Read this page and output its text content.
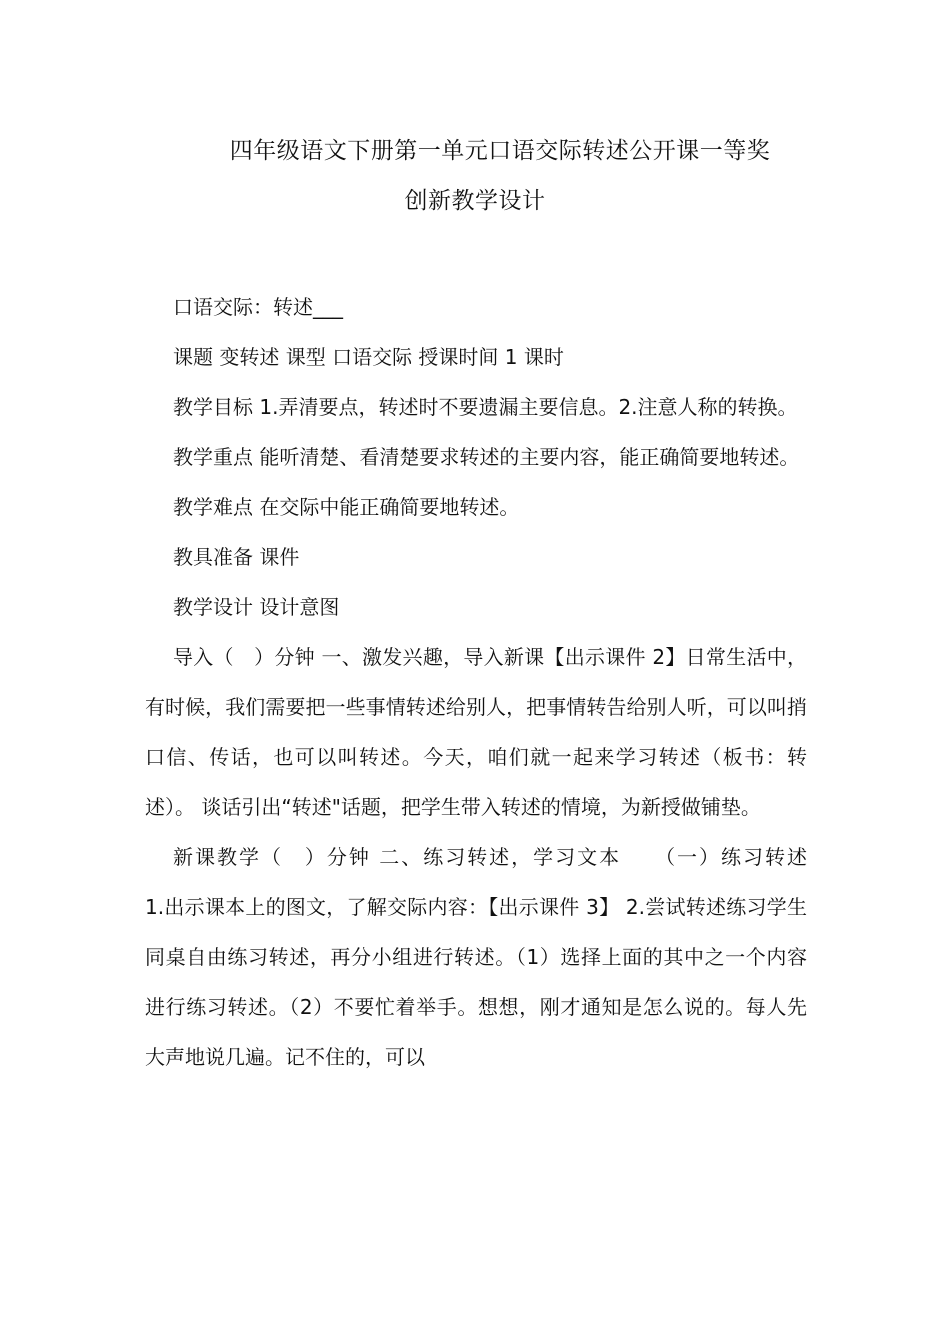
四年级语文下册第一单元口语交际转述公开课一等奖
创新教学设计

口语交际：转述___

课题 变转述 课型 口语交际 授课时间 1 课时

教学目标 1.弄清要点，转述时不要遗漏主要信息。2.注意人称的转换。

教学重点 能听清楚、看清楚要求转述的主要内容，能正确简要地转述。

教学难点 在交际中能正确简要地转述。

教具准备 课件

教学设计 设计意图

导入（　）分钟 一、激发兴趣，导入新课【出示课件 2】日常生活中，有时候，我们需要把一些事情转述给别人，把事情转告给别人听，可以叫捎口信、传话，也可以叫转述。今天，咱们就一起来学习转述（板书：转述）。 谈话引出“转述"话题，把学生带入转述的情境，为新授做铺垫。

新课教学（　）分钟 二、练习转述，学习文本　　（一）练习转述　　1.出示课本上的图文，了解交际内容：【出示课件 3】 2.尝试转述练习学生同桌自由练习转述，再分小组进行转述。（1）选择上面的其中之一个内容进行练习转述。（2）不要忙着举手。想想，刚才通知是怎么说的。每人先大声地说几遍。记不住的，可以
